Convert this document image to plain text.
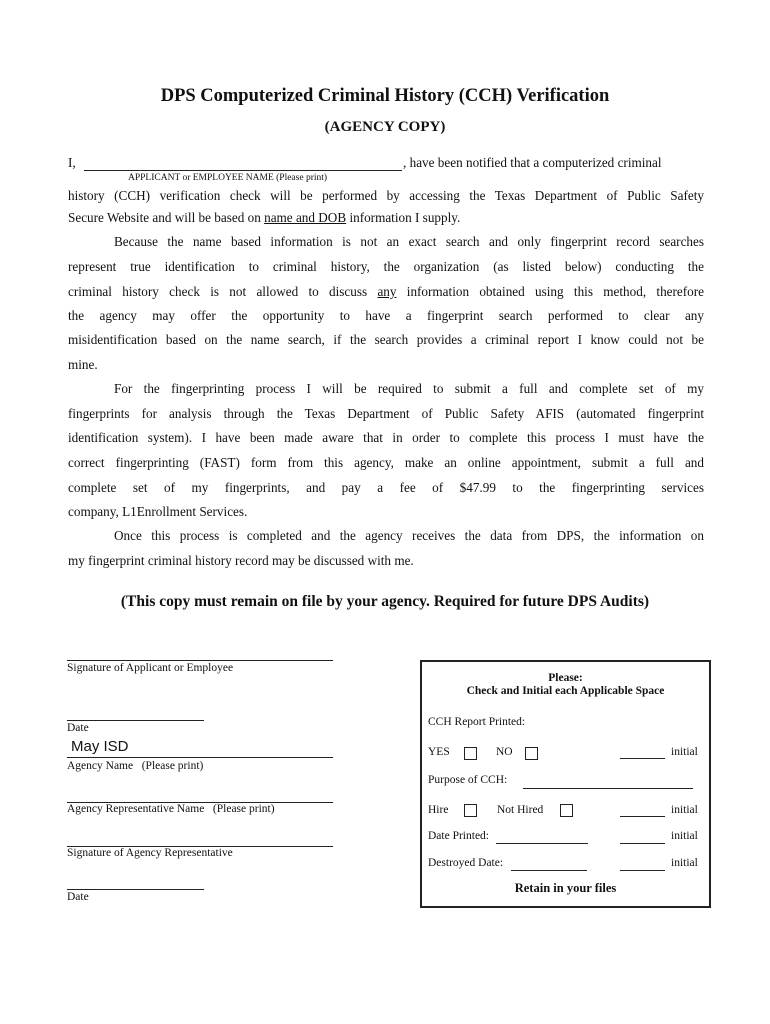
DPS Computerized Criminal History (CCH) Verification
(AGENCY COPY)
I,	, have been notified that a computerized criminal
APPLICANT or EMPLOYEE NAME (Please print)
history (CCH) verification check will be performed by accessing the Texas Department of Public Safety
Secure Website and will be based on name and DOB information I supply.
Because the name based information is not an exact search and only fingerprint record searches
represent true identification to criminal history, the organization (as listed below) conducting the
criminal history check is not allowed to discuss any information obtained using this method, therefore
the agency may offer the opportunity to have a fingerprint search performed to clear any
misidentification based on the name search, if the search provides a criminal report I know could not be
mine.
For the fingerprinting process I will be required to submit a full and complete set of my
fingerprints for analysis through the Texas Department of Public Safety AFIS (automated fingerprint
identification system). I have been made aware that in order to complete this process I must have the
correct fingerprinting (FAST) form from this agency, make an online appointment, submit a full and
complete set of my fingerprints, and pay a fee of $47.99 to the fingerprinting services
company, L1Enrollment Services.
Once this process is completed and the agency receives the data from DPS, the information on
my fingerprint criminal history record may be discussed with me.
(This copy must remain on file by your agency. Required for future DPS Audits)
Signature of Applicant or Employee
Date
May ISD
Agency Name   (Please print)
Agency Representative Name   (Please print)
Signature of Agency Representative
Date
Please:
Check and Initial each Applicable Space
CCH Report Printed:
YES	NO	initial
Purpose of CCH:
Hire	Not Hired	initial
Date Printed:	initial
Destroyed Date:	initial
Retain in your files
